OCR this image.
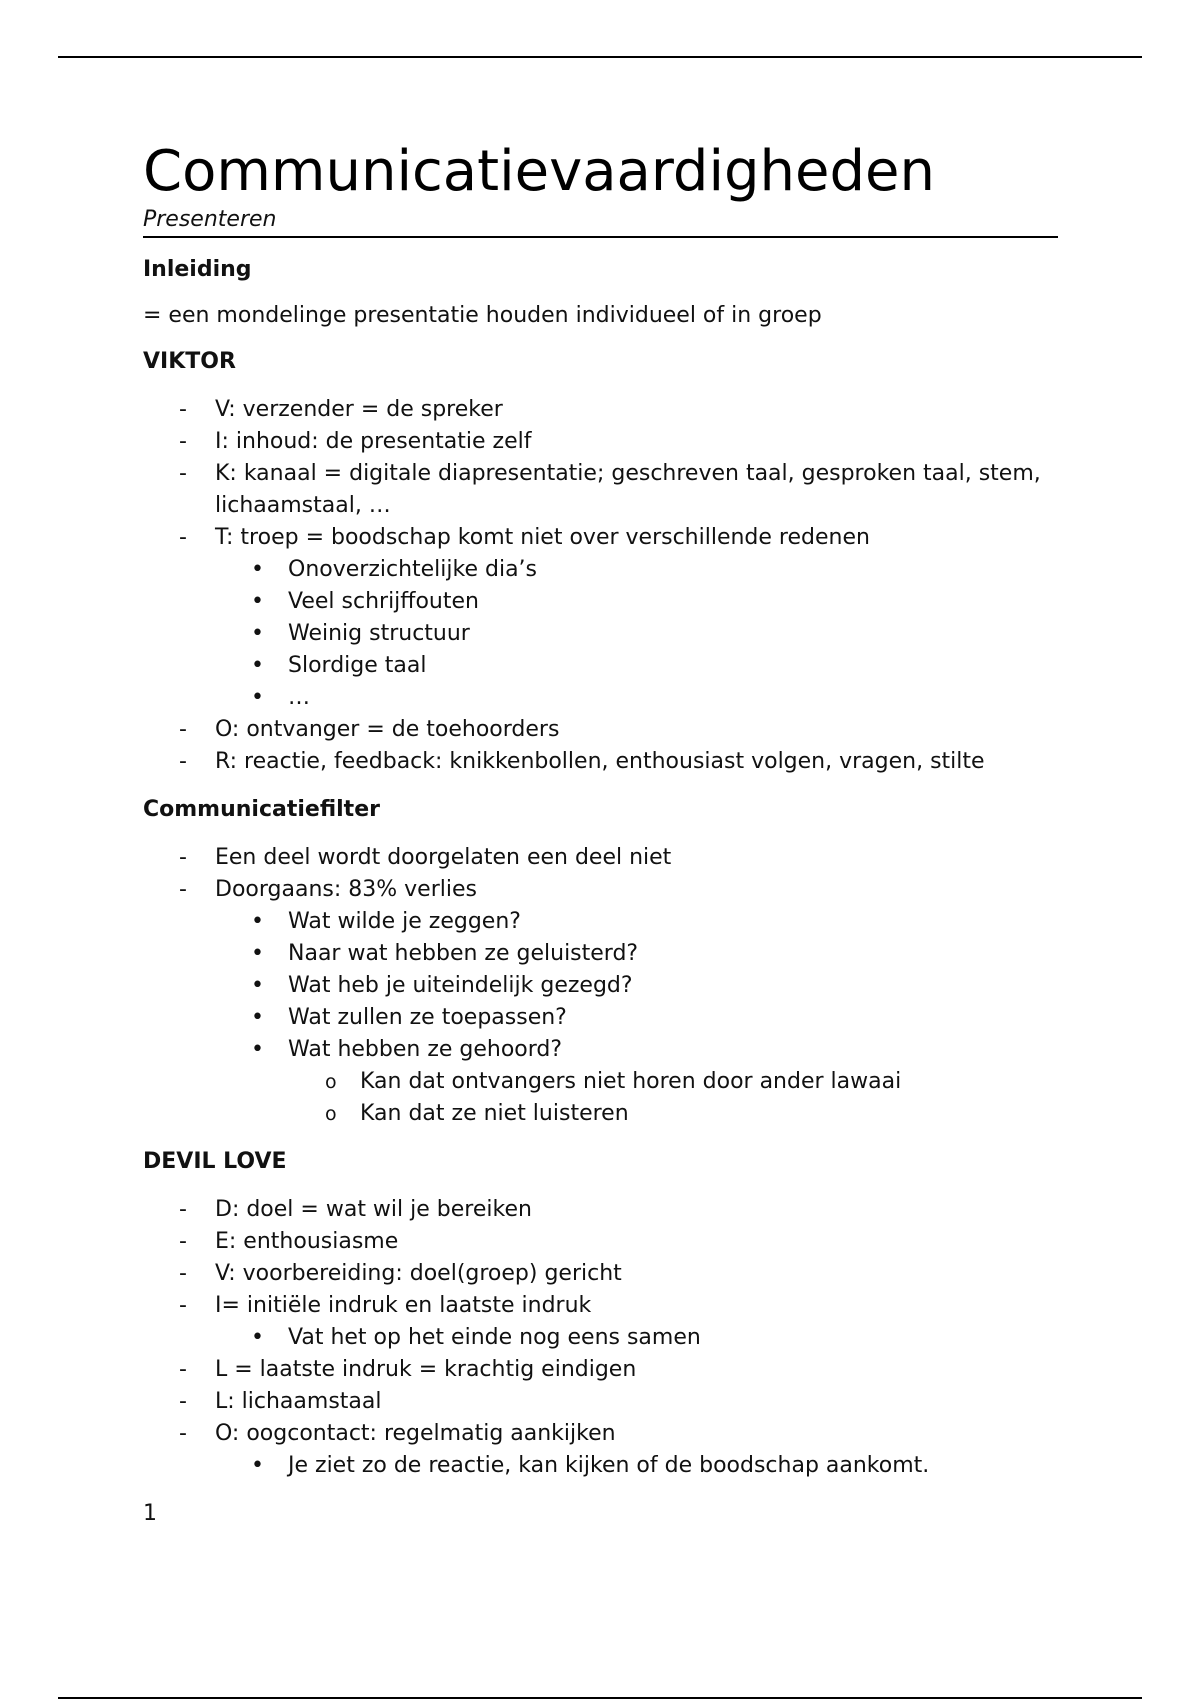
Communicatievaardigheden
Presenteren
Inleiding

= een mondelinge presentatie houden individueel of in groep

VIKTOR
- V: verzender = de spreker
- I: inhoud: de presentatie zelf
- K: kanaal = digitale diapresentatie; geschreven taal, gesproken taal, stem, lichaamstaal, …
- T: troep = boodschap komt niet over verschillende redenen
• Onoverzichtelijke dia’s
• Veel schrijffouten
• Weinig structuur
• Slordige taal
• …
- O: ontvanger = de toehoorders
- R: reactie, feedback: knikkenbollen, enthousiast volgen, vragen, stilte
Communicatiefilter
- Een deel wordt doorgelaten een deel niet
- Doorgaans: 83% verlies
• Wat wilde je zeggen?
• Naar wat hebben ze geluisterd?
• Wat heb je uiteindelijk gezegd?
• Wat zullen ze toepassen?
• Wat hebben ze gehoord?
o Kan dat ontvangers niet horen door ander lawaai
o Kan dat ze niet luisteren
DEVIL LOVE
- D: doel = wat wil je bereiken
- E: enthousiasme
- V: voorbereiding: doel(groep) gericht
- I= initiële indruk en laatste indruk
• Vat het op het einde nog eens samen
- L = laatste indruk = krachtig eindigen
- L: lichaamstaal
- O: oogcontact: regelmatig aankijken
• Je ziet zo de reactie, kan kijken of de boodschap aankomt.
1
